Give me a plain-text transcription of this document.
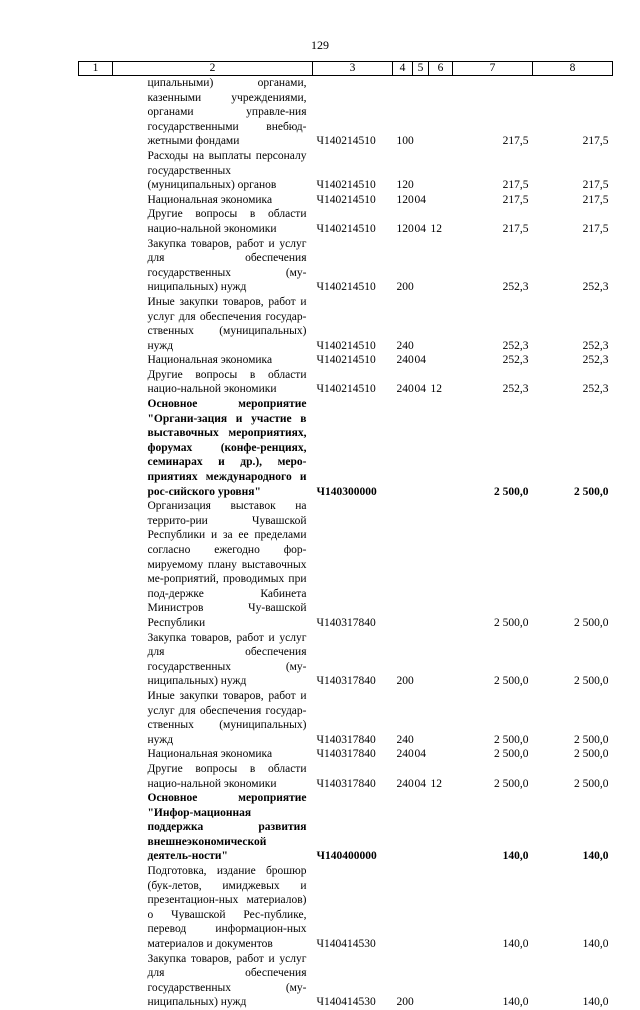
129
1	2	3	4	5	6	7	8
	ципальными) органами, казенными учреждениями, органами управле-ния государственными внебюд-жетными фондами	Ч140214510	100			217,5	217,5
	Расходы на выплаты персоналу государственных (муниципальных) органов	Ч140214510	120			217,5	217,5
	Национальная экономика	Ч140214510	120	04		217,5	217,5
	Другие вопросы в области нацио-нальной экономики	Ч140214510	120	04	12	217,5	217,5
	Закупка товаров, работ и услуг для обеспечения государственных (му-ниципальных) нужд	Ч140214510	200			252,3	252,3
	Иные закупки товаров, работ и услуг для обеспечения государ-ственных (муниципальных) нужд	Ч140214510	240			252,3	252,3
	Национальная экономика	Ч140214510	240	04		252,3	252,3
	Другие вопросы в области нацио-нальной экономики	Ч140214510	240	04	12	252,3	252,3
	Основное мероприятие "Органи-зация и участие в выставочных мероприятиях, форумах (конфе-ренциях, семинарах и др.), меро-приятиях международного и рос-сийского уровня"	Ч140300000				2 500,0	2 500,0
	Организация выставок на террито-рии Чувашской Республики и за ее пределами согласно ежегодно фор-мируемому плану выставочных ме-роприятий, проводимых при под-держке Кабинета Министров Чу-вашской Республики	Ч140317840				2 500,0	2 500,0
	Закупка товаров, работ и услуг для обеспечения государственных (му-ниципальных) нужд	Ч140317840	200			2 500,0	2 500,0
	Иные закупки товаров, работ и услуг для обеспечения государ-ственных (муниципальных) нужд	Ч140317840	240			2 500,0	2 500,0
	Национальная экономика	Ч140317840	240	04		2 500,0	2 500,0
	Другие вопросы в области нацио-нальной экономики	Ч140317840	240	04	12	2 500,0	2 500,0
	Основное мероприятие "Инфор-мационная поддержка развития внешнеэкономической деятель-ности"	Ч140400000				140,0	140,0
	Подготовка, издание брошюр (бук-летов, имиджевых и презентацион-ных материалов) о Чувашской Рес-публике, перевод информацион-ных материалов и документов	Ч140414530				140,0	140,0
	Закупка товаров, работ и услуг для обеспечения государственных (му-ниципальных) нужд	Ч140414530	200			140,0	140,0
